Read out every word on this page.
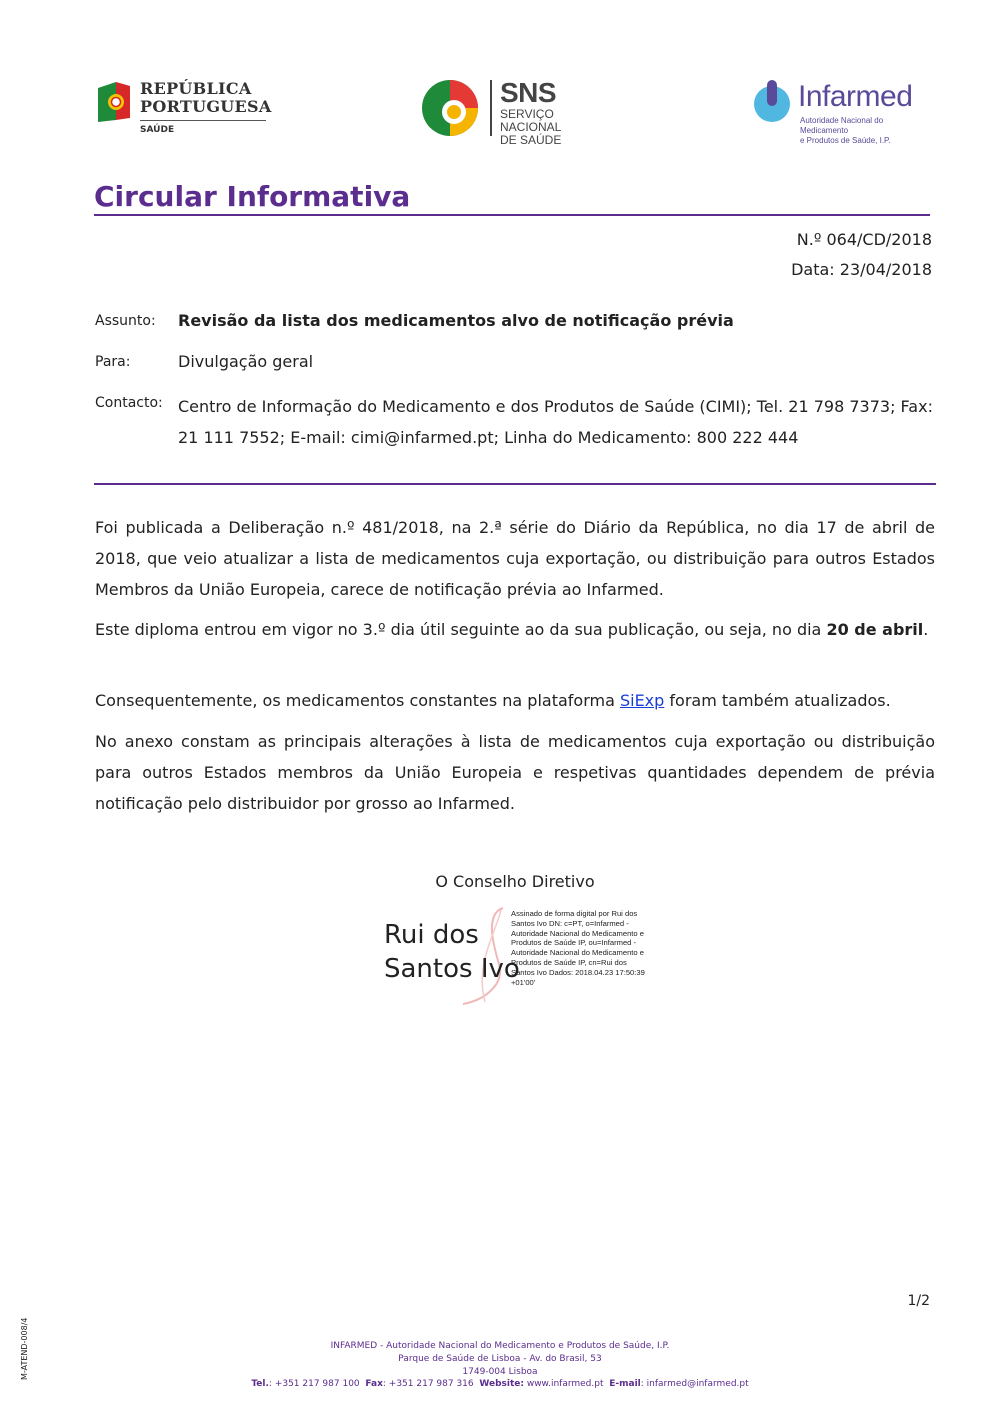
REPÚBLICA
PORTUGUESA
SAÚDE
SNS
SERVIÇO NACIONAL
DE SAÚDE
Infarmed
Autoridade Nacional do Medicamento
e Produtos de Saúde, I.P.
Circular Informativa
N.º 064/CD/2018
Data: 23/04/2018
Assunto: Revisão da lista dos medicamentos alvo de notificação prévia
Para:	Divulgação geral
Contacto: Centro de Informação do Medicamento e dos Produtos de Saúde (CIMI); Tel. 21 798 7373; Fax: 21 111 7552; E-mail: cimi@infarmed.pt; Linha do Medicamento: 800 222 444
Foi publicada a Deliberação n.º 481/2018, na 2.ª série do Diário da República, no dia 17 de abril de 2018, que veio atualizar a lista de medicamentos cuja exportação, ou distribuição para outros Estados Membros da União Europeia, carece de notificação prévia ao Infarmed.
Este diploma entrou em vigor no 3.º dia útil seguinte ao da sua publicação, ou seja, no dia 20 de abril.
Consequentemente, os medicamentos constantes na plataforma SiExp foram também atualizados.
No anexo constam as principais alterações à lista de medicamentos cuja exportação ou distribuição para outros Estados membros da União Europeia e respetivas quantidades dependem de prévia notificação pelo distribuidor por grosso ao Infarmed.
O Conselho Diretivo
Rui dos
Santos Ivo
Assinado de forma digital por Rui dos Santos Ivo DN: c=PT, o=Infarmed - Autoridade Nacional do Medicamento e Produtos de Saúde IP, ou=Infarmed - Autoridade Nacional do Medicamento e Produtos de Saúde IP, cn=Rui dos Santos Ivo Dados: 2018.04.23 17:50:39 +01'00'
1/2
M-ATEND-008/4	INFARMED - Autoridade Nacional do Medicamento e Produtos de Saúde, I.P.
Parque de Saúde de Lisboa - Av. do Brasil, 53
1749-004 Lisboa
Tel.: +351 217 987 100 Fax: +351 217 987 316 Website: www.infarmed.pt E-mail: infarmed@infarmed.pt
